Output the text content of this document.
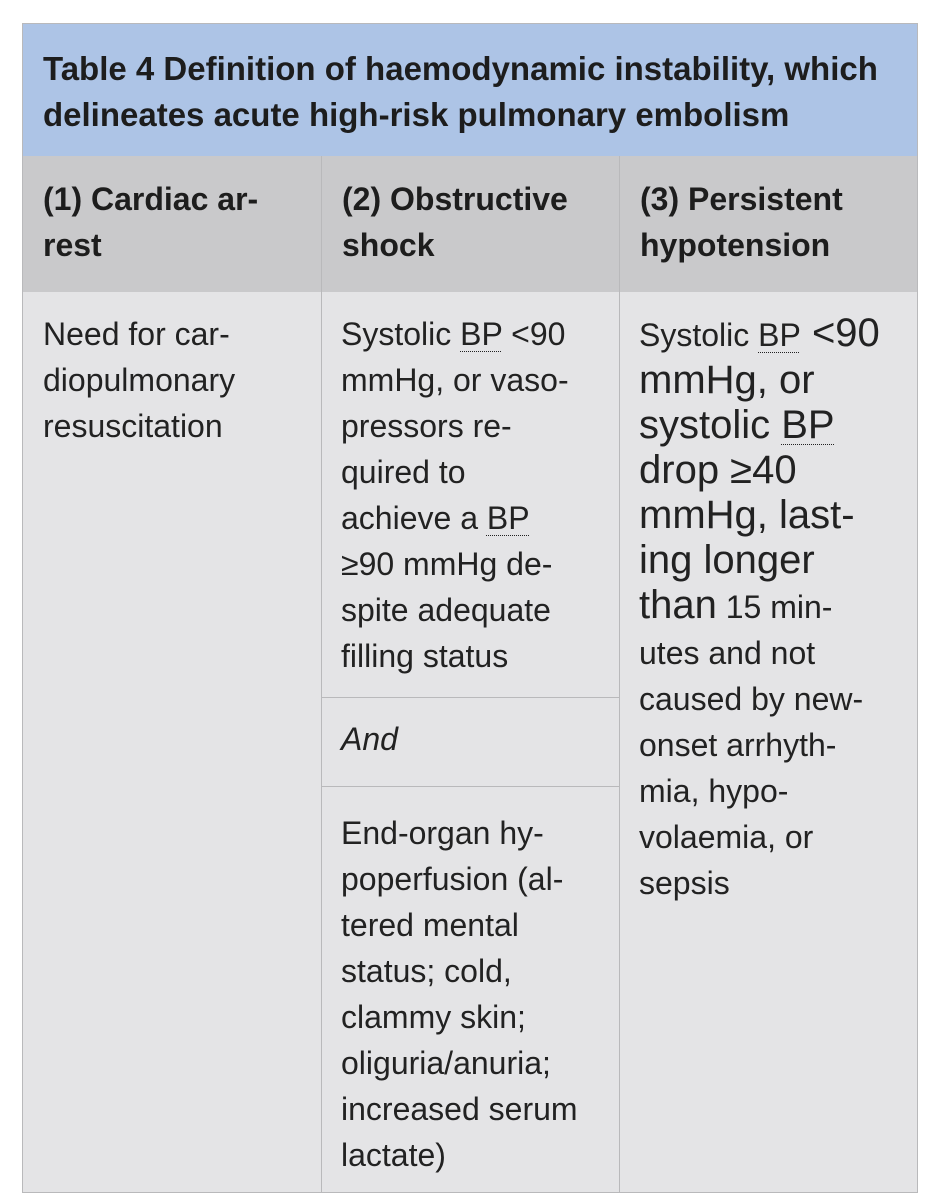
Table 4 Definition of haemodynamic instability, which
delineates acute high-risk pulmonary embolism
(1) Cardiac ar-
rest
(2) Obstructive
shock
(3) Persistent
hypotension
Need for car-
diopulmonary
resuscitation
Systolic BP <90
mmHg, or vaso-
pressors re-
quired to
achieve a BP
≥90 mmHg de-
spite adequate
filling status
And
End-organ hy-
poperfusion (al-
tered mental
status; cold,
clammy skin;
oliguria/anuria;
increased serum
lactate)
Systolic BP <90
mmHg, or
systolic BP
drop ≥40
mmHg, last-
ing longer
than 15 min-
utes and not
caused by new-
onset arrhyth-
mia, hypo-
volaemia, or
sepsis
